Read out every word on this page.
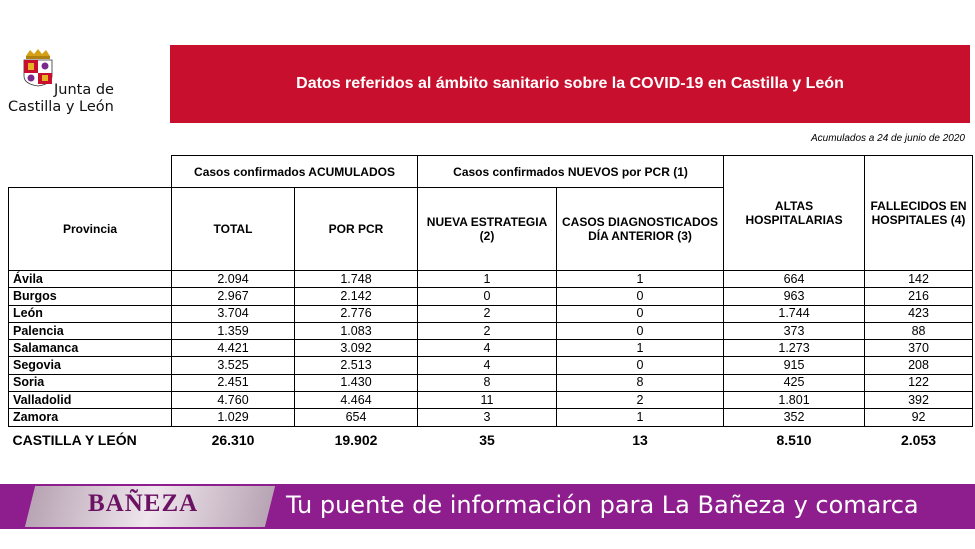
Junta de
Castilla y León
Datos referidos al ámbito sanitario sobre la COVID-19 en Castilla y León
Acumulados a 24 de junio de 2020
	Casos confirmados ACUMULADOS		Casos confirmados NUEVOS por PCR (1)		ALTAS HOSPITALARIAS	FALLECIDOS EN HOSPITALES (4)
Provincia	TOTAL	POR PCR	NUEVA ESTRATEGIA (2)	CASOS DIAGNOSTICADOS DÍA ANTERIOR (3)		
Ávila	2.094	1.748	1	1	664	142
Burgos	2.967	2.142	0	0	963	216
León	3.704	2.776	2	0	1.744	423
Palencia	1.359	1.083	2	0	373	88
Salamanca	4.421	3.092	4	1	1.273	370
Segovia	3.525	2.513	4	0	915	208
Soria	2.451	1.430	8	8	425	122
Valladolid	4.760	4.464	11	2	1.801	392
Zamora	1.029	654	3	1	352	92
CASTILLA Y LEÓN	26.310	19.902	35	13	8.510	2.053
BAÑEZA	Tu puente de información para La Bañeza y comarca
